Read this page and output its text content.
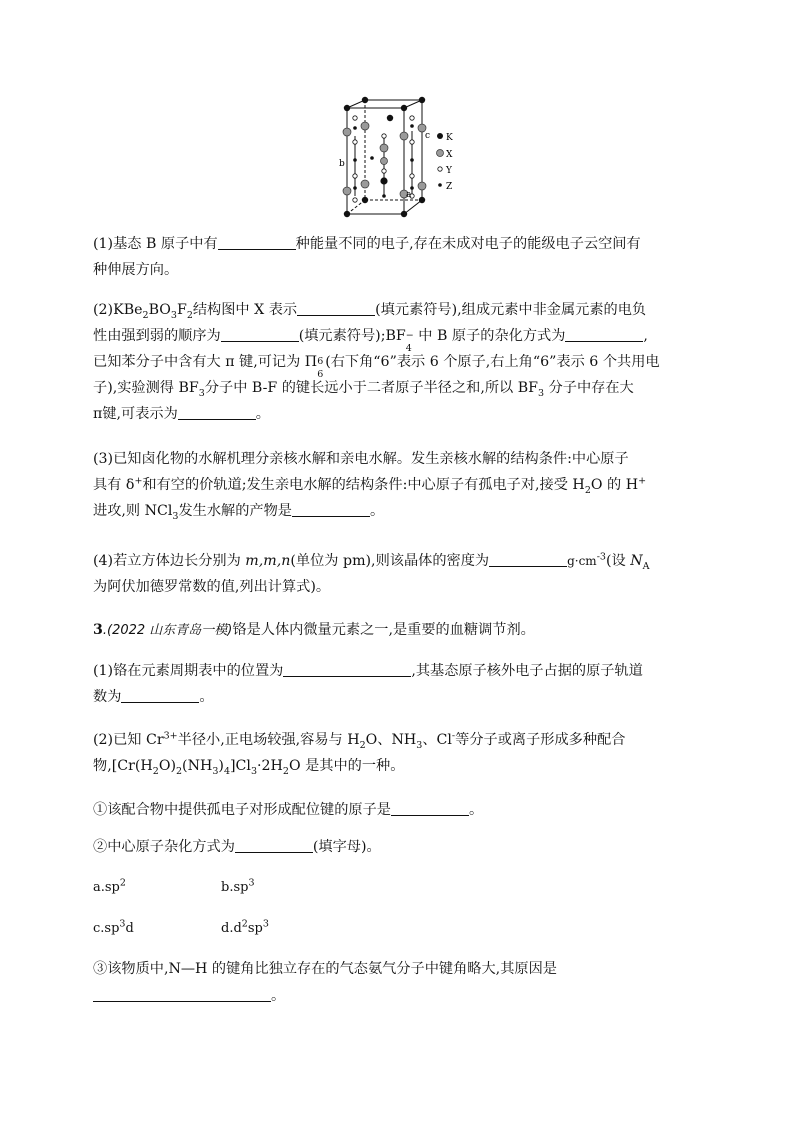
a
b
c K
X
Y
Z
(1)基态 B 原子中有	种能量不同的电子,存在未成对电子的能级电子云空间有
种伸展方向。
$(2)KBe_2BO_3F_2$结构图中 X 表示	(填元素符号),组成元素中非金属元素的电负
性由强到弱的顺序为	(填元素符号);BF −
4
中 B 原子的杂化方式为	,
已知苯分子中含有大 π 键,可记为 Π 6
6
(右下角“6”表示 6 个原子,右上角“6”表示 6 个共用电
子),实验测得 $BF_3$分子中 B-F 的键长远小于二者原子半径之和,所以 $BF_3$ 分子中存在大
π键,可表示为	。
(3)已知卤化物的水解机理分亲核水解和亲电水解。发生亲核水解的结构条件:中心原子
具有 δ+和有空的价轨道;发生亲电水解的结构条件:中心原子有孤电子对,接受 $H_2O$ 的 H+
进攻,则 NCl$_3$发生水解的产物是	。
(4)若立方体边长分别为 m,m,n(单位为 pm),则该晶体的密度为	$g\cdot cm^{-3}$(设 $N_A$
为阿伏加德罗常数的值,列出计算式)。
3.(2022 山东青岛一模)铬是人体内微量元素之一,是重要的血糖调节剂。
(1)铬在元素周期表中的位置为	,其基态原子核外电子占据的原子轨道
数为	。
(2)已知 $Cr^{3+}$半径小,正电场较强,容易与 $H_2O$、$NH_3$、Cl-等分子或离子形成多种配合
物$,[Cr(H_2O)_2(NH_3)_4]Cl_3\cdot 2H_2O$ 是其中的一种。
①该配合物中提供孤电子对形成配位键的原子是	。
②中心原子杂化方式为	(填字母)。
$a.sp^2$	$b.sp^3$
$c.sp^3d$	$d.d^2sp^3$
③该物质中,N—H 的键角比独立存在的气态氨气分子中键角略大,其原因是
。
